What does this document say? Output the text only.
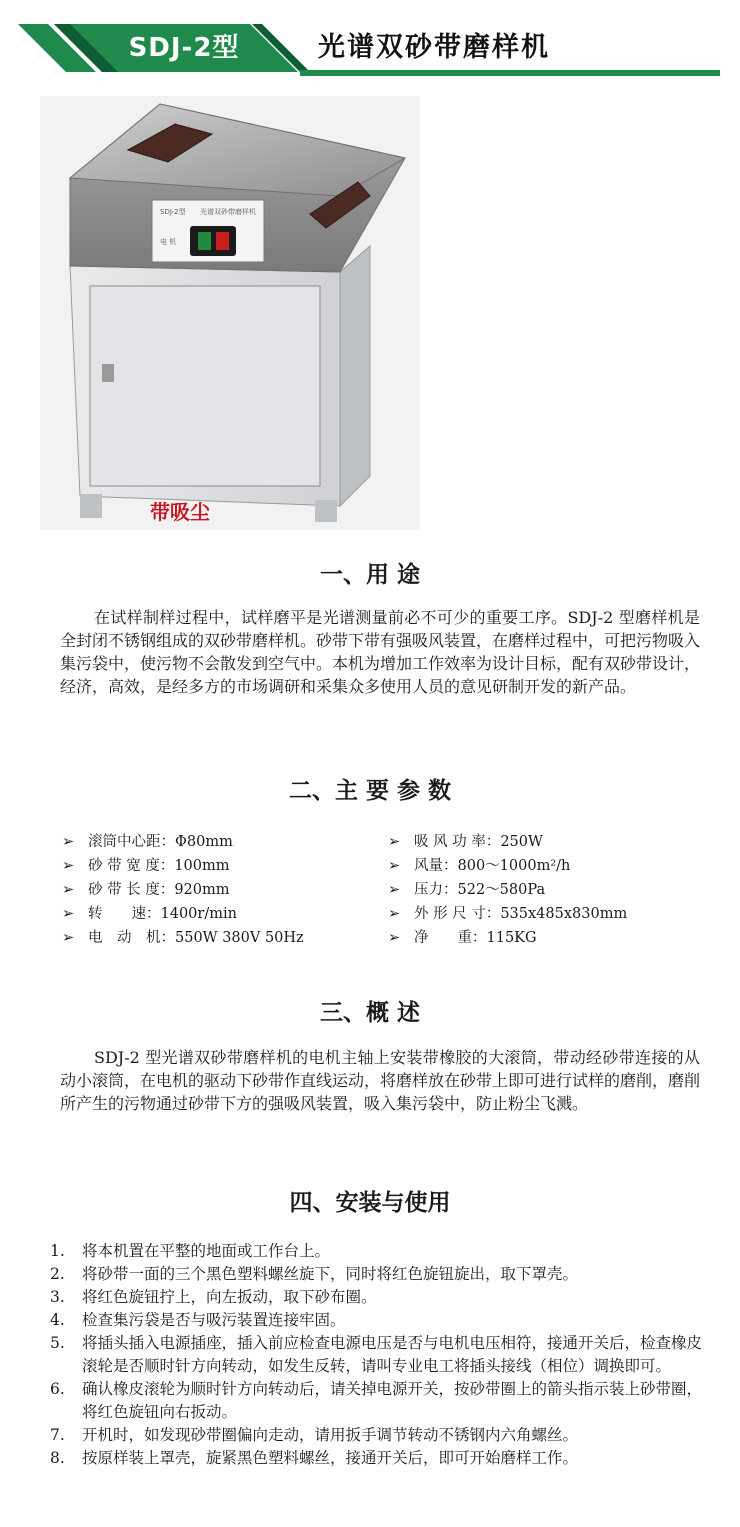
SDJ-2型	光谱双砂带磨样机
SDJ-2型 光谱双砂带磨样机
电 机
带吸尘
一、用 途
在试样制样过程中，试样磨平是光谱测量前必不可少的重要工序。SDJ-2 型磨样机是全封闭不锈钢组成的双砂带磨样机。砂带下带有强吸风装置，在磨样过程中，可把污物吸入集污袋中，使污物不会散发到空气中。本机为增加工作效率为设计目标，配有双砂带设计，经济，高效，是经多方的市场调研和采集众多使用人员的意见研制开发的新产品。
二、主 要 参 数
➢ 滚筒中心距：Φ80mm
➢ 砂 带 宽 度：100mm
➢ 砂 带 长 度：920mm
➢ 转　　速：1400r/min
➢ 电　动　机：550W 380V 50Hz
➢ 吸 风 功 率：250W
➢ 风量：800～1000m²/h
➢ 压力：522～580Pa
➢ 外 形 尺 寸：535x485x830mm
➢ 净　　重：115KG
三、概 述
SDJ-2 型光谱双砂带磨样机的电机主轴上安装带橡胶的大滚筒，带动经砂带连接的从动小滚筒，在电机的驱动下砂带作直线运动，将磨样放在砂带上即可进行试样的磨削，磨削所产生的污物通过砂带下方的强吸风装置，吸入集污袋中，防止粉尘飞溅。
四、安装与使用
1.	将本机置在平整的地面或工作台上。
2.	将砂带一面的三个黑色塑料螺丝旋下，同时将红色旋钮旋出，取下罩壳。
3.	将红色旋钮拧上，向左扳动，取下砂布圈。
4.	检查集污袋是否与吸污装置连接牢固。
5.	将插头插入电源插座，插入前应检查电源电压是否与电机电压相符，接通开关后，检查橡皮滚轮是否顺时针方向转动，如发生反转，请叫专业电工将插头接线（相位）调换即可。
6.	确认橡皮滚轮为顺时针方向转动后，请关掉电源开关，按砂带圈上的箭头指示装上砂带圈，将红色旋钮向右扳动。
7.	开机时，如发现砂带圈偏向走动，请用扳手调节转动不锈钢内六角螺丝。
8.	按原样装上罩壳，旋紧黑色塑料螺丝，接通开关后，即可开始磨样工作。
